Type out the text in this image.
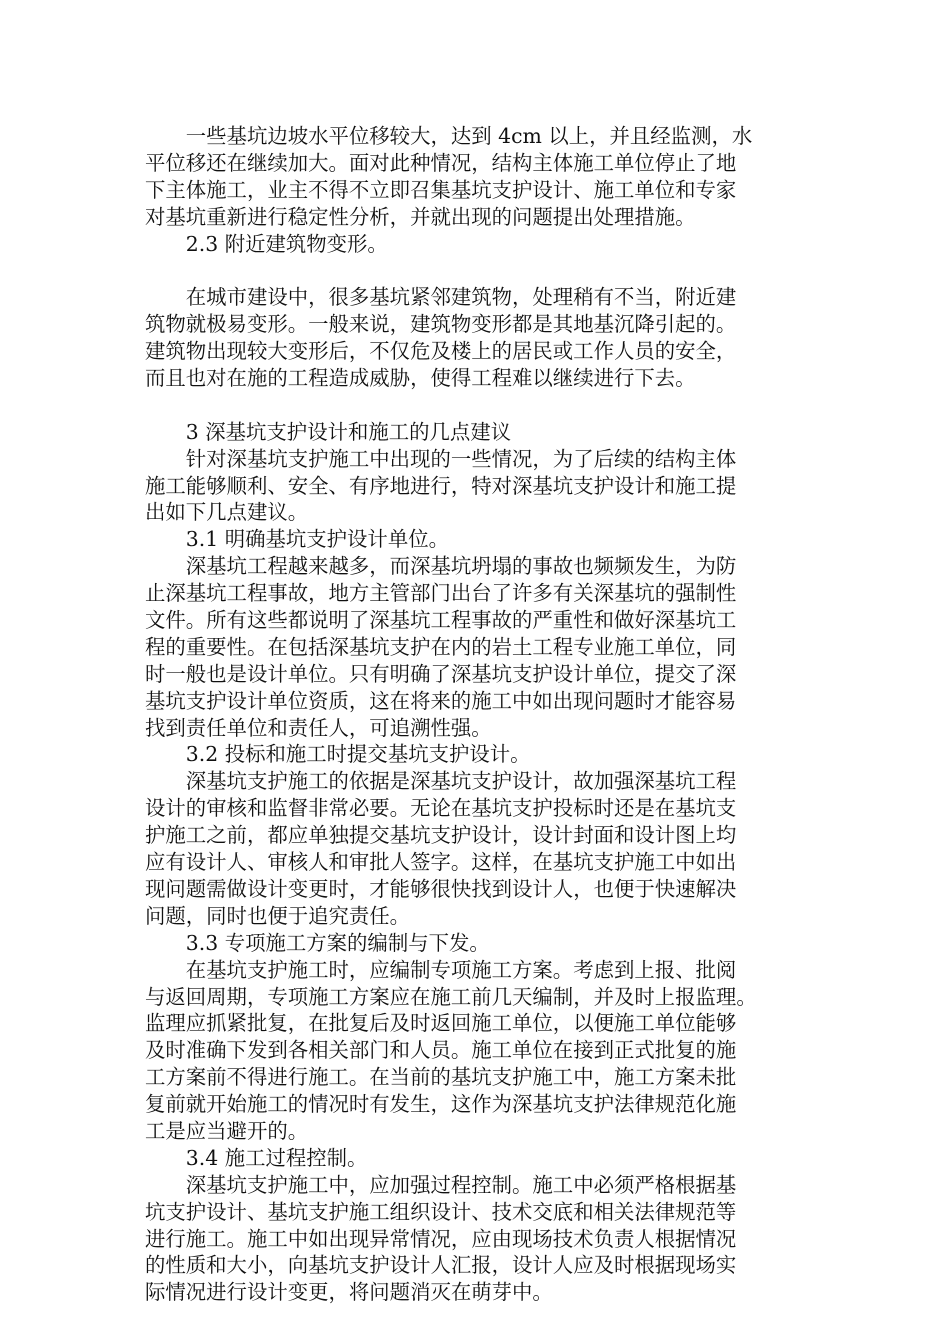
　　一些基坑边坡水平位移较大，达到 4cm 以上，并且经监测，水
平位移还在继续加大。面对此种情况，结构主体施工单位停止了地
下主体施工，业主不得不立即召集基坑支护设计、施工单位和专家
对基坑重新进行稳定性分析，并就出现的问题提出处理措施。
　　2.3 附近建筑物变形。
　　在城市建设中，很多基坑紧邻建筑物，处理稍有不当，附近建
筑物就极易变形。一般来说，建筑物变形都是其地基沉降引起的。
建筑物出现较大变形后，不仅危及楼上的居民或工作人员的安全，
而且也对在施的工程造成威胁，使得工程难以继续进行下去。
　　3 深基坑支护设计和施工的几点建议
　　针对深基坑支护施工中出现的一些情况，为了后续的结构主体
施工能够顺利、安全、有序地进行，特对深基坑支护设计和施工提
出如下几点建议。
　　3.1 明确基坑支护设计单位。
　　深基坑工程越来越多，而深基坑坍塌的事故也频频发生，为防
止深基坑工程事故，地方主管部门出台了许多有关深基坑的强制性
文件。所有这些都说明了深基坑工程事故的严重性和做好深基坑工
程的重要性。在包括深基坑支护在内的岩土工程专业施工单位，同
时一般也是设计单位。只有明确了深基坑支护设计单位，提交了深
基坑支护设计单位资质，这在将来的施工中如出现问题时才能容易
找到责任单位和责任人，可追溯性强。
　　3.2 投标和施工时提交基坑支护设计。
　　深基坑支护施工的依据是深基坑支护设计，故加强深基坑工程
设计的审核和监督非常必要。无论在基坑支护投标时还是在基坑支
护施工之前，都应单独提交基坑支护设计，设计封面和设计图上均
应有设计人、审核人和审批人签字。这样，在基坑支护施工中如出
现问题需做设计变更时，才能够很快找到设计人，也便于快速解决
问题，同时也便于追究责任。
　　3.3 专项施工方案的编制与下发。
　　在基坑支护施工时，应编制专项施工方案。考虑到上报、批阅
与返回周期，专项施工方案应在施工前几天编制，并及时上报监理。
监理应抓紧批复，在批复后及时返回施工单位，以便施工单位能够
及时准确下发到各相关部门和人员。施工单位在接到正式批复的施
工方案前不得进行施工。在当前的基坑支护施工中，施工方案未批
复前就开始施工的情况时有发生，这作为深基坑支护法律规范化施
工是应当避开的。
　　3.4 施工过程控制。
　　深基坑支护施工中，应加强过程控制。施工中必须严格根据基
坑支护设计、基坑支护施工组织设计、技术交底和相关法律规范等
进行施工。施工中如出现异常情况，应由现场技术负责人根据情况
的性质和大小，向基坑支护设计人汇报，设计人应及时根据现场实
际情况进行设计变更，将问题消灭在萌芽中。
